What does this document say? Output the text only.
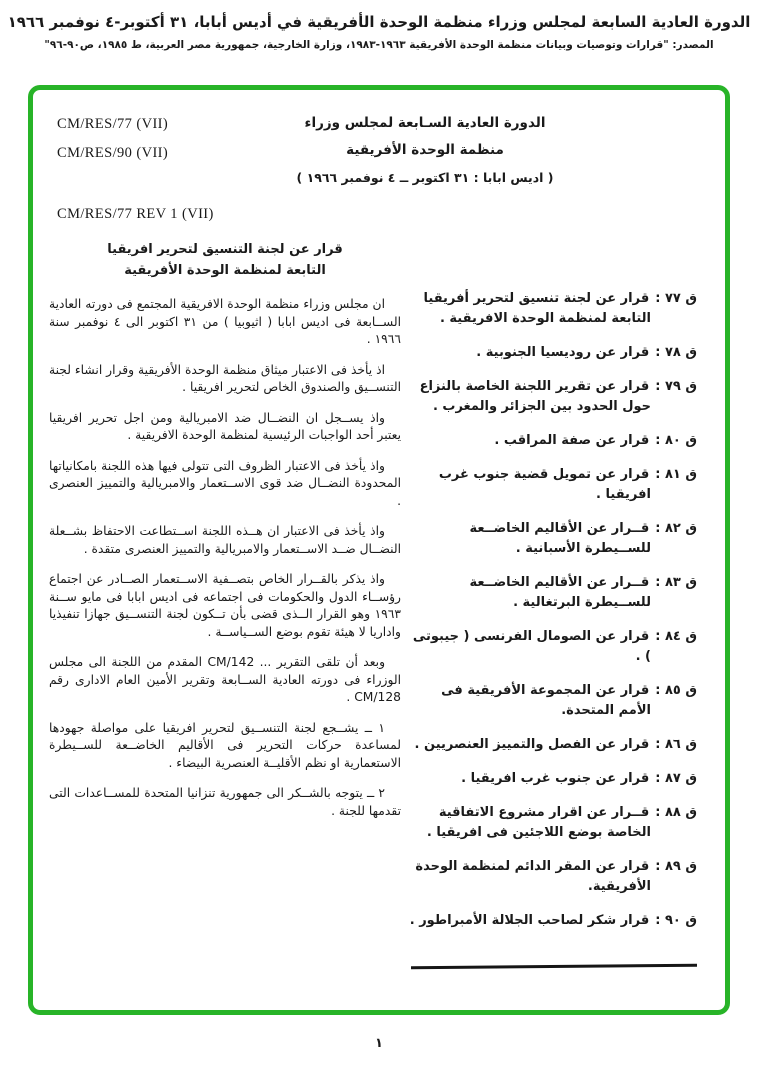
الدورة العادية السابعة لمجلس وزراء منظمة الوحدة الأفريقية في أديس أبابا، ٣١ أكتوبر-٤ نوفمبر ١٩٦٦
المصدر: "قرارات وتوصيات وبيانات منظمة الوحدة الأفريقية ١٩٦٣-١٩٨٣، وزارة الخارجية، جمهورية مصر العربية، ط ١٩٨٥، ص٩٠-٩٦"
CM/RES/77 (VII)
CM/RES/90 (VII)
الدورة العادية السـابعة لمجلس وزراء
منظمة الوحدة الأفريقية
( اديس ابابا : ٣١ اكتوبر ــ ٤ نوفمبر ١٩٦٦ )
CM/RES/77 REV 1 (VII)
قرار عن لجنة التنسيق لتحرير افريقيا
التابعة لمنظمة الوحدة الأفريقية

ان مجلس وزراء منظمة الوحدة الافريقية المجتمع فى دورته العادية الســابعة فى اديس ابابا ( اثيوبيا ) من ٣١ اكتوبر الى ٤ نوفمبر سنة ١٩٦٦ .

اذ يأخذ فى الاعتبار ميثاق منظمة الوحدة الأفريقية وقرار انشاء لجنة التنســيق والصندوق الخاص لتحرير افريقيا .

واذ يســجل ان النضــال ضد الامبريالية ومن اجل تحرير افريقيا يعتبر أحد الواجبات الرئيسية لمنظمة الوحدة الافريقية .

واذ يأخذ فى الاعتبار الظروف التى تتولى فيها هذه اللجنة بامكانياتها المحدودة النضــال ضد قوى الاســتعمار والامبريالية والتمييز العنصرى .

واذ يأخذ فى الاعتبار ان هــذه اللجنة اســتطاعت الاحتفاظ بشــعلة النضــال ضــد الاســتعمار والامبريالية والتمييز العنصرى متقدة .

واذ يذكر بالقــرار الخاص بتصــفية الاســتعمار الصــادر عن اجتماع رؤســاء الدول والحكومات فى اجتماعه فى اديس ابابا فى مايو ســنة ١٩٦٣ وهو القرار الــذى قضى بأن تــكون لجنة التنســيق جهازا تنفيذيا واداريا لا هيئة تقوم بوضع الســياســة .

وبعد أن تلقى التقرير ... CM/142 المقدم من اللجنة الى مجلس الوزراء فى دورته العادية الســابعة وتقرير الأمين العام الادارى رقم CM/128 .

١ ــ يشــجع لجنة التنســيق لتحرير افريقيا على مواصلة جهودها لمساعدة حركات التحرير فى الأقاليم الخاضــعة للســيطرة الاستعمارية او نظم الأقليــة العنصرية البيضاء .

٢ ــ يتوجه بالشــكر الى جمهورية تنزانيا المتحدة للمســاعدات التى تقدمها للجنة .

ق ٧٧ :قرار عن لجنة تنسيق لتحرير أفريقيا التابعة لمنظمة الوحدة الافريقية .
ق ٧٨ :قرار عن روديسيا الجنوبية .
ق ٧٩ :قرار عن تقرير اللجنة الخاصة بالنزاع حول الحدود بين الجزائر والمغرب .
ق ٨٠ :قرار عن صفة المراقب .
ق ٨١ :قرار عن تمويل قضية جنوب غرب افريقيا .
ق ٨٢ :قــرار عن الأقاليم الخاضــعة للســيطرة الأسبانية .
ق ٨٣ :قــرار عن الأقاليم الخاضــعة للســيطرة البرتغالية .
ق ٨٤ :قرار عن الصومال الفرنسى ( جيبوتى ) .
ق ٨٥ :قرار عن المجموعة الأفريقية فى الأمم المتحدة.
ق ٨٦ :قرار عن الفصل والتمييز العنصريين .
ق ٨٧ :قرار عن جنوب غرب افريقيا .
ق ٨٨ :قــرار عن اقرار مشروع الاتفاقية الخاصة بوضع اللاجئين فى افريقيا .
ق ٨٩ :قرار عن المقر الدائم لمنظمة الوحدة الأفريقية.
ق ٩٠ :قرار شكر لصاحب الجلالة الأمبراطور .
١
